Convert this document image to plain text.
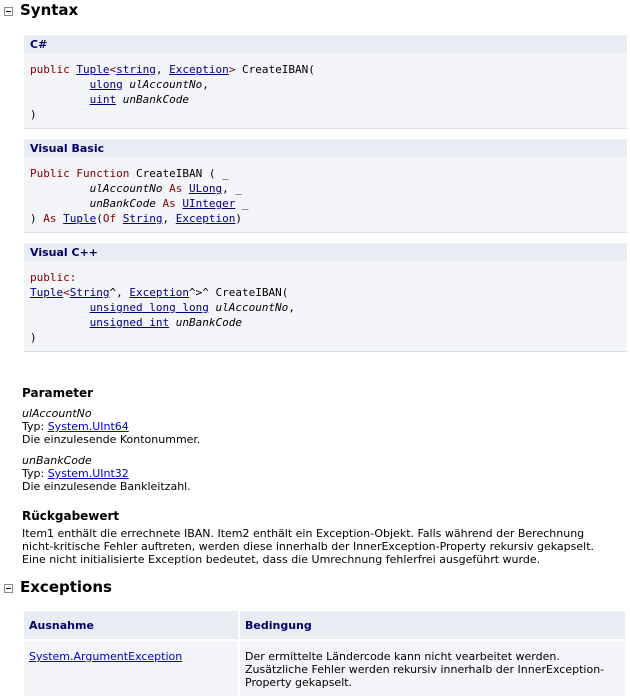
Syntax
C#
public Tuple<string, Exception> CreateIBAN(
ulong ulAccountNo,
uint unBankCode
)
Visual Basic
Public Function CreateIBAN ( _
ulAccountNo As ULong, _
unBankCode As UInteger _
) As Tuple(Of String, Exception)
Visual C++
public:
Tuple<String^, Exception^>^ CreateIBAN(
unsigned long long ulAccountNo,
unsigned int unBankCode
)
Parameter
ulAccountNo
Typ: System.UInt64
Die einzulesende Kontonummer.
unBankCode
Typ: System.UInt32
Die einzulesende Bankleitzahl.
Rückgabewert
Item1 enthält die errechnete IBAN. Item2 enthält ein Exception-Objekt. Falls während der Berechnung nicht-kritische Fehler auftreten, werden diese innerhalb der InnerException-Property rekursiv gekapselt. Eine nicht initialisierte Exception bedeutet, dass die Umrechnung fehlerfrei ausgeführt wurde.
Exceptions
Ausnahme	Bedingung
System.ArgumentException	Der ermittelte Ländercode kann nicht vearbeitet werden. Zusätzliche Fehler werden rekursiv innerhalb der InnerException-Property gekapselt.
